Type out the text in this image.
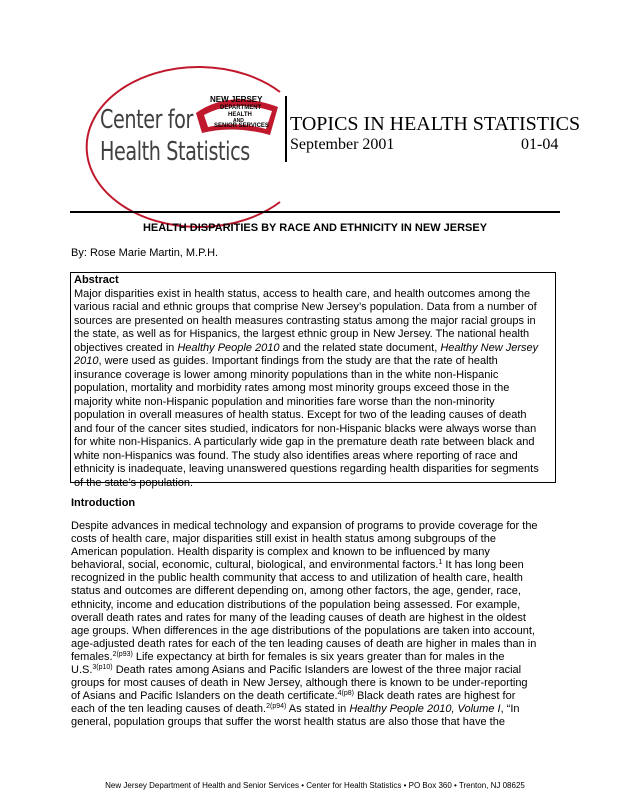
Center for
Health Statistics
NEW JERSEY
DEPARTMENT
HEALTH
AND
SENIOR SERVICES TOPICS IN HEALTH STATISTICS
September 2001	01-04
HEALTH DISPARITIES BY RACE AND ETHNICITY IN NEW JERSEY
By: Rose Marie Martin, M.P.H.
Abstract
Major disparities exist in health status, access to health care, and health outcomes among the
various racial and ethnic groups that comprise New Jersey’s population. Data from a number of
sources are presented on health measures contrasting status among the major racial groups in
the state, as well as for Hispanics, the largest ethnic group in New Jersey. The national health
objectives created in Healthy People 2010 and the related state document, Healthy New Jersey
2010, were used as guides. Important findings from the study are that the rate of health
insurance coverage is lower among minority populations than in the white non-Hispanic
population, mortality and morbidity rates among most minority groups exceed those in the
majority white non-Hispanic population and minorities fare worse than the non-minority
population in overall measures of health status. Except for two of the leading causes of death
and four of the cancer sites studied, indicators for non-Hispanic blacks were always worse than
for white non-Hispanics. A particularly wide gap in the premature death rate between black and
white non-Hispanics was found. The study also identifies areas where reporting of race and
ethnicity is inadequate, leaving unanswered questions regarding health disparities for segments
of the state’s population.
Introduction
Despite advances in medical technology and expansion of programs to provide coverage for the
costs of health care, major disparities still exist in health status among subgroups of the
American population. Health disparity is complex and known to be influenced by many
behavioral, social, economic, cultural, biological, and environmental factors.$^1$ It has long been
recognized in the public health community that access to and utilization of health care, health
status and outcomes are different depending on, among other factors, the age, gender, race,
ethnicity, income and education distributions of the population being assessed. For example,
overall death rates and rates for many of the leading causes of death are highest in the oldest
age groups. When differences in the age distributions of the populations are taken into account,
age-adjusted death rates for each of the ten leading causes of death are higher in males than in
females.$^{2(p93)}$ Life expectancy at birth for females is six years greater than for males in the
U.S.$^{3(p10)}$ Death rates among Asians and Pacific Islanders are lowest of the three major racial
groups for most causes of death in New Jersey, although there is known to be under-reporting
of Asians and Pacific Islanders on the death certificate.$^{4(p8)}$ Black death rates are highest for
each of the ten leading causes of death.$^{2(p94)}$ As stated in Healthy People 2010, Volume I, “In
general, population groups that suffer the worst health status are also those that have the
New Jersey Department of Health and Senior Services • Center for Health Statistics • PO Box 360 • Trenton, NJ 08625
